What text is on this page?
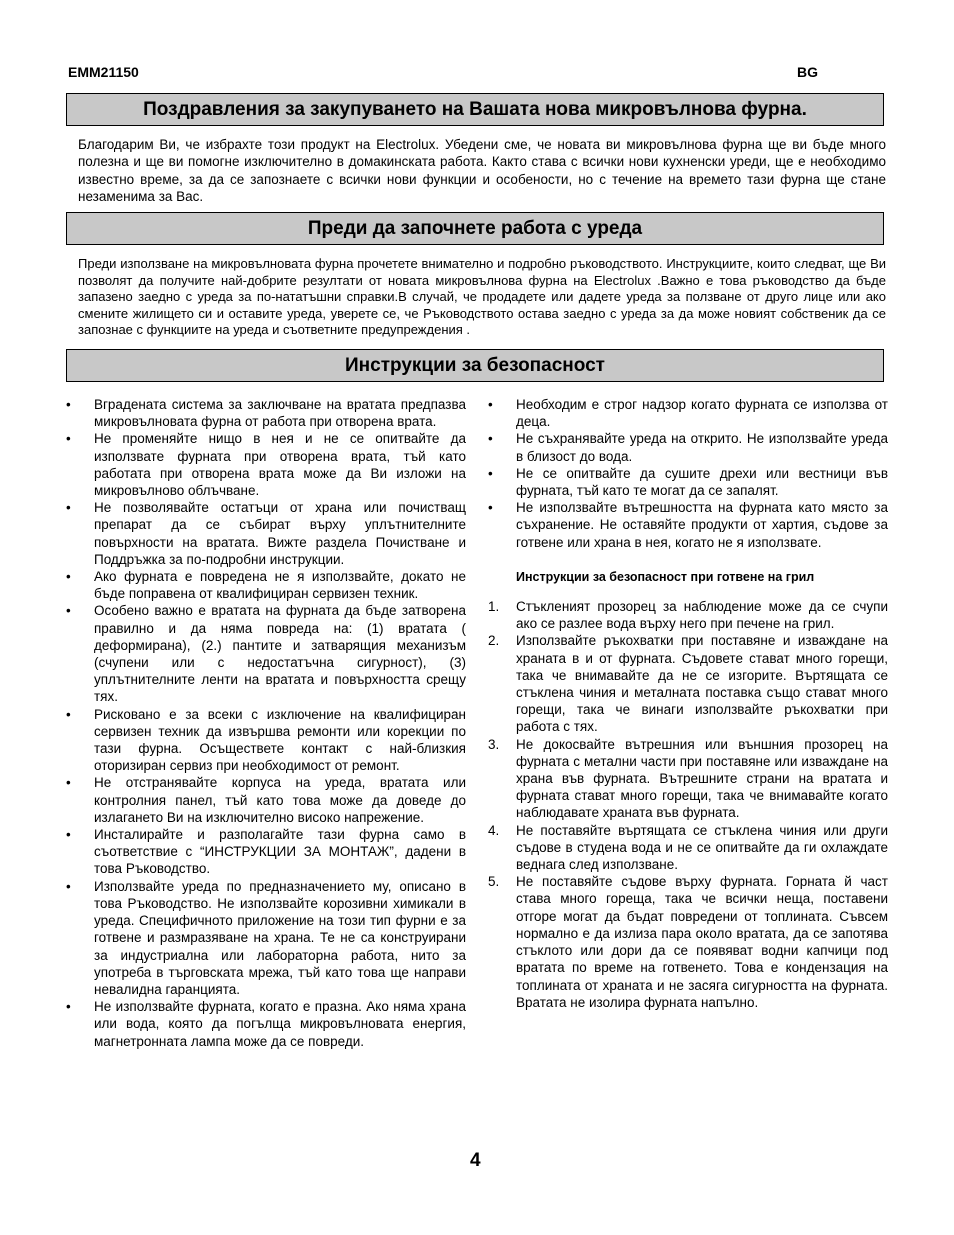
EMM21150	BG
Поздравления за закупуването на Вашата нова микровълнова фурна.

Благодарим Ви, че избрахте този продукт на Electrolux. Убедени сме, че новата ви микровълнова фурна ще ви бъде много полезна и ще ви помогне изключително в домакинската работа. Както става с всички нови кухненски уреди, ще е необходимо известно време, за да се запознаете с всички нови функции и особености, но с течение на времето тази фурна ще стане незаменима за Вас.

Преди да започнете работа с уреда

Преди използване на микровълновата фурна прочетете внимателно и подробно ръководството. Инструкциите, които следват, ще Ви позволят да получите най-добрите резултати от новата микровълнова фурна на Electrolux .Важно е това ръководство да бъде запазено заедно с уреда за по-нататъшни справки.В случай, че продадете или дадете уреда за ползване от друго лице или ако смените жилището си и оставите уреда, уверете се, че Ръководството остава заедно с уреда за да може новият собственик да се запознае с функциите на уреда и съответните предупреждения .

Инструкции за безопасност
• Вградената система за заключване на вратата предпазва микровълновата фурна от работа при отворена врата.
• Не променяйте нищо в нея и не се опитвайте да използвате фурната при отворена врата, тъй като работата при отворена врата може да Ви изложи на микровълново облъчване.
• Не позволявайте остатъци от храна или почистващ препарат да се събират върху уплътнителните повърхности на вратата. Вижте раздела Почистване и Поддръжка за по-подробни инструкции.
• Ако фурната е повредена не я използвайте, докато не бъде поправена от квалифициран сервизен техник.
• Особено важно е вратата на фурната да бъде затворена правилно и да няма повреда на: (1) вратата ( деформирана), (2.) пантите и затварящия механизъм (счупени или с недостатъчна сигурност), (3) уплътнителните ленти на вратата и повърхността срещу тях.
• Рисковано е за всеки с изключение на квалифициран сервизен техник да извършва ремонти или корекции по тази фурна. Осъществете контакт с най-близкия оторизиран сервиз при необходимост от ремонт.
• Не отстранявайте корпуса на уреда, вратата или контролния панел, тъй като това може да доведе до излагането Ви на изключително високо напрежение.
• Инсталирайте и разполагайте тази фурна само в съответствие с “ИНСТРУКЦИИ ЗА МОНТАЖ”, дадени в това Ръководство.
• Използвайте уреда по предназначението му, описано в това Ръководство. Не използвайте корозивни химикали в уреда. Специфичното приложение на този тип фурни е за готвене и размразяване на храна. Те не са конструирани за индустриална или лабораторна работа, нито за употреба в търговската мрежа, тъй като това ще направи невалидна гаранцията.
• Не използвайте фурната, когато е празна. Ако няма храна или вода, която да погълща микровълновата енергия, магнетронната лампа може да се повреди.
• Необходим е строг надзор когато фурната се използва от деца.
• Не съхранявайте уреда на открито. Не използвайте уреда в близост до вода.
• Не се опитвайте да сушите дрехи или вестници във фурната, тъй като те могат да се запалят.
• Не използвайте вътрешността на фурната като място за съхранение. Не оставяйте продукти от хартия, съдове за готвене или храна в нея, когато не я използвате.
Инструкции за безопасност при готвене на грил
1. Стъкленият прозорец за наблюдение може да се счупи ако се разлее вода върху него при печене на грил.
2. Използвайте ръкохватки при поставяне и изваждане на храната в и от фурната. Съдовете стават много горещи, така че внимавайте да не се изгорите. Въртящата се стъклена чиния и металната поставка също стават много горещи, така че винаги използвайте ръкохватки при работа с тях.
3. Не докосвайте вътрешния или външния прозорец на фурната с метални части при поставяне или изваждане на храна във фурната. Вътрешните страни на вратата и фурната стават много горещи, така че внимавайте когато наблюдавате храната във фурната.
4. Не поставяйте въртящата се стъклена чиния или други съдове в студена вода и не се опитвайте да ги охлаждате веднага след използване.
5. Не поставяйте съдове върху фурната. Горната й част става много гореща, така че всички неща, поставени отгоре могат да бъдат повредени от топлината. Съвсем нормално е да излиза пара около вратата, да се запотява стъклото или дори да се появяват водни капчици под вратата по време на готвенето. Това е кондензация на топлината от храната и не засяга сигурността на фурната. Вратата не изолира фурната напълно.
4
